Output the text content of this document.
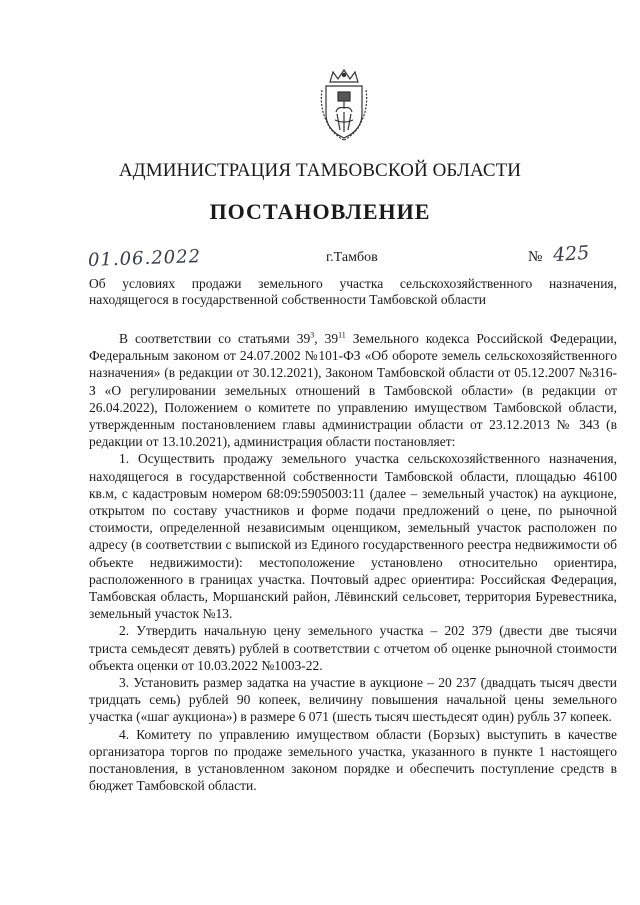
АДМИНИСТРАЦИЯ ТАМБОВСКОЙ ОБЛАСТИ
ПОСТАНОВЛЕНИЕ
01.06.2022	г.Тамбов	№ 425
Об условиях продажи земельного участка сельскохозяйственного назначения, находящегося в государственной собственности Тамбовской области

В соответствии со статьями $39^3$, $39^{11}$ Земельного кодекса Российской Федерации, Федеральным законом от 24.07.2002 №101-ФЗ «Об обороте земель сельскохозяйственного назначения» (в редакции от 30.12.2021), Законом Тамбовской области от 05.12.2007 №316-З «О регулировании земельных отношений в Тамбовской области» (в редакции от 26.04.2022), Положением о комитете по управлению имуществом Тамбовской области, утвержденным постановлением главы администрации области от 23.12.2013 № 343 (в редакции от 13.10.2021), администрация области постановляет:

1. Осуществить продажу земельного участка сельскохозяйственного назначения, находящегося в государственной собственности Тамбовской области, площадью 46100 кв.м, с кадастровым номером 68:09:5905003:11 (далее – земельный участок) на аукционе, открытом по составу участников и форме подачи предложений о цене, по рыночной стоимости, определенной независимым оценщиком, земельный участок расположен по адресу (в соответствии с выпиской из Единого государственного реестра недвижимости об объекте недвижимости): местоположение установлено относительно ориентира, расположенного в границах участка. Почтовый адрес ориентира: Российская Федерация, Тамбовская область, Моршанский район, Лёвинский сельсовет, территория Буревестника, земельный участок №13.

2. Утвердить начальную цену земельного участка – 202 379 (двести две тысячи триста семьдесят девять) рублей в соответствии с отчетом об оценке рыночной стоимости объекта оценки от 10.03.2022 №1003-22.

3. Установить размер задатка на участие в аукционе – 20 237 (двадцать тысяч двести тридцать семь) рублей 90 копеек, величину повышения начальной цены земельного участка («шаг аукциона») в размере 6 071 (шесть тысяч шестьдесят один) рубль 37 копеек.

4. Комитету по управлению имуществом области (Борзых) выступить в качестве организатора торгов по продаже земельного участка, указанного в пункте 1 настоящего постановления, в установленном законом порядке и обеспечить поступление средств в бюджет Тамбовской области.
